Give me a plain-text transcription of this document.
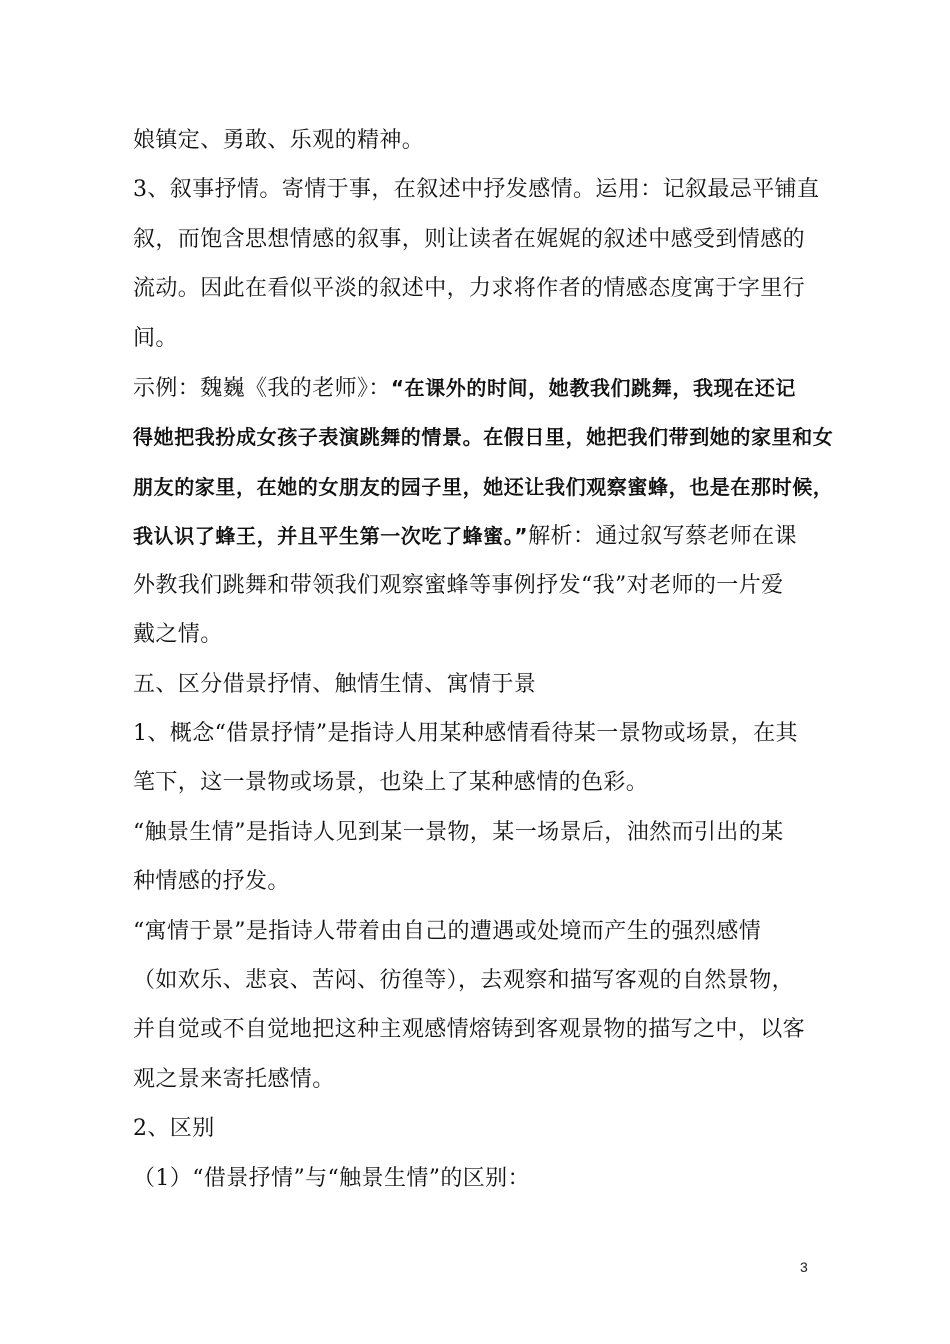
娘镇定、勇敢、乐观的精神。
3、叙事抒情。寄情于事，在叙述中抒发感情。运用：记叙最忌平铺直
叙，而饱含思想情感的叙事，则让读者在娓娓的叙述中感受到情感的
流动。因此在看似平淡的叙述中，力求将作者的情感态度寓于字里行
间。
示例：魏巍《我的老师》：“在课外的时间，她教我们跳舞，我现在还记
得她把我扮成女孩子表演跳舞的情景。在假日里，她把我们带到她的家里和女
朋友的家里，在她的女朋友的园子里，她还让我们观察蜜蜂，也是在那时候，
我认识了蜂王，并且平生第一次吃了蜂蜜。”解析：通过叙写蔡老师在课
外教我们跳舞和带领我们观察蜜蜂等事例抒发“我”对老师的一片爱
戴之情。
五、区分借景抒情、触情生情、寓情于景
1、概念“借景抒情”是指诗人用某种感情看待某一景物或场景，在其
笔下，这一景物或场景，也染上了某种感情的色彩。
“触景生情”是指诗人见到某一景物，某一场景后，油然而引出的某
种情感的抒发。
“寓情于景”是指诗人带着由自己的遭遇或处境而产生的强烈感情
（如欢乐、悲哀、苦闷、彷徨等），去观察和描写客观的自然景物，
并自觉或不自觉地把这种主观感情熔铸到客观景物的描写之中，以客
观之景来寄托感情。
2、区别
（1）“借景抒情”与“触景生情”的区别：
3
